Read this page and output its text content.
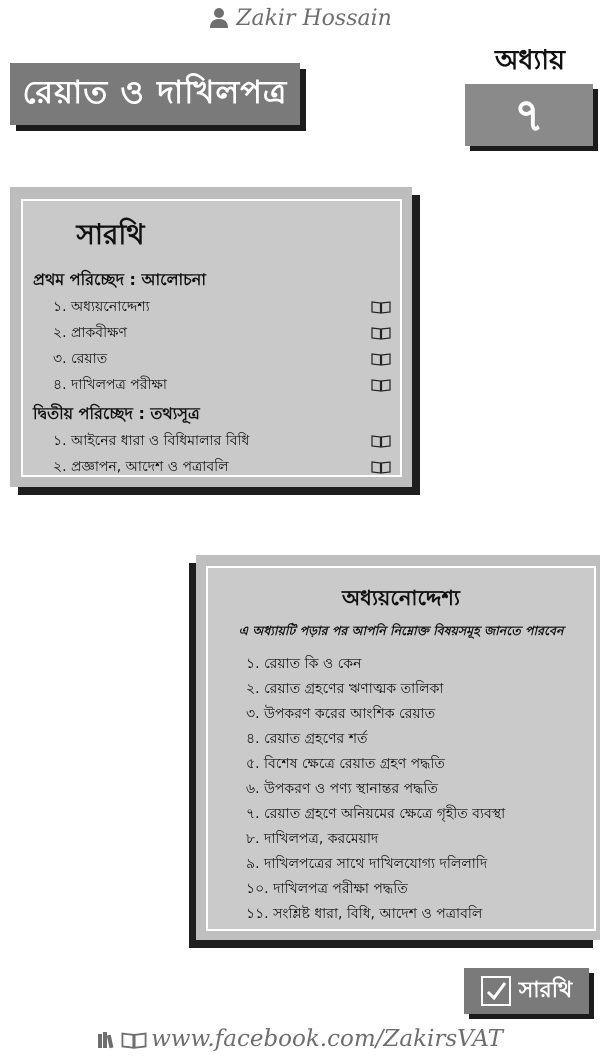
Zakir Hossain
রেয়াত ও দাখিলপত্র
অধ্যায়
৭
সারথি
প্রথম পরিচ্ছেদ : আলোচনা
১. অধ্যয়নোদ্দেশ্য
২. প্রাকবীক্ষণ
৩. রেয়াত
৪. দাখিলপত্র পরীক্ষা
দ্বিতীয় পরিচ্ছেদ : তথ্যসূত্র
১. আইনের ধারা ও বিধিমালার বিধি
২. প্রজ্ঞাপন, আদেশ ও পত্রাবলি
অধ্যয়নোদ্দেশ্য
এ অধ্যায়টি পড়ার পর আপনি নিম্নোক্ত বিষয়সমূহ জানতে পারবেন
১. রেয়াত কি ও কেন
২. রেয়াত গ্রহণের ঋণাত্মক তালিকা
৩. উপকরণ করের আংশিক রেয়াত
৪. রেয়াত গ্রহণের শর্ত
৫. বিশেষ ক্ষেত্রে রেয়াত গ্রহণ পদ্ধতি
৬. উপকরণ ও পণ্য স্থানান্তর পদ্ধতি
৭. রেয়াত গ্রহণে অনিয়মের ক্ষেত্রে গৃহীত ব্যবস্থা
৮. দাখিলপত্র, করমেয়াদ
৯. দাখিলপত্রের সাথে দাখিলযোগ্য দলিলাদি
১০. দাখিলপত্র পরীক্ষা পদ্ধতি
১১. সংশ্লিষ্ট ধারা, বিধি, আদেশ ও পত্রাবলি
সারথি
www.facebook.com/ZakirsVAT
